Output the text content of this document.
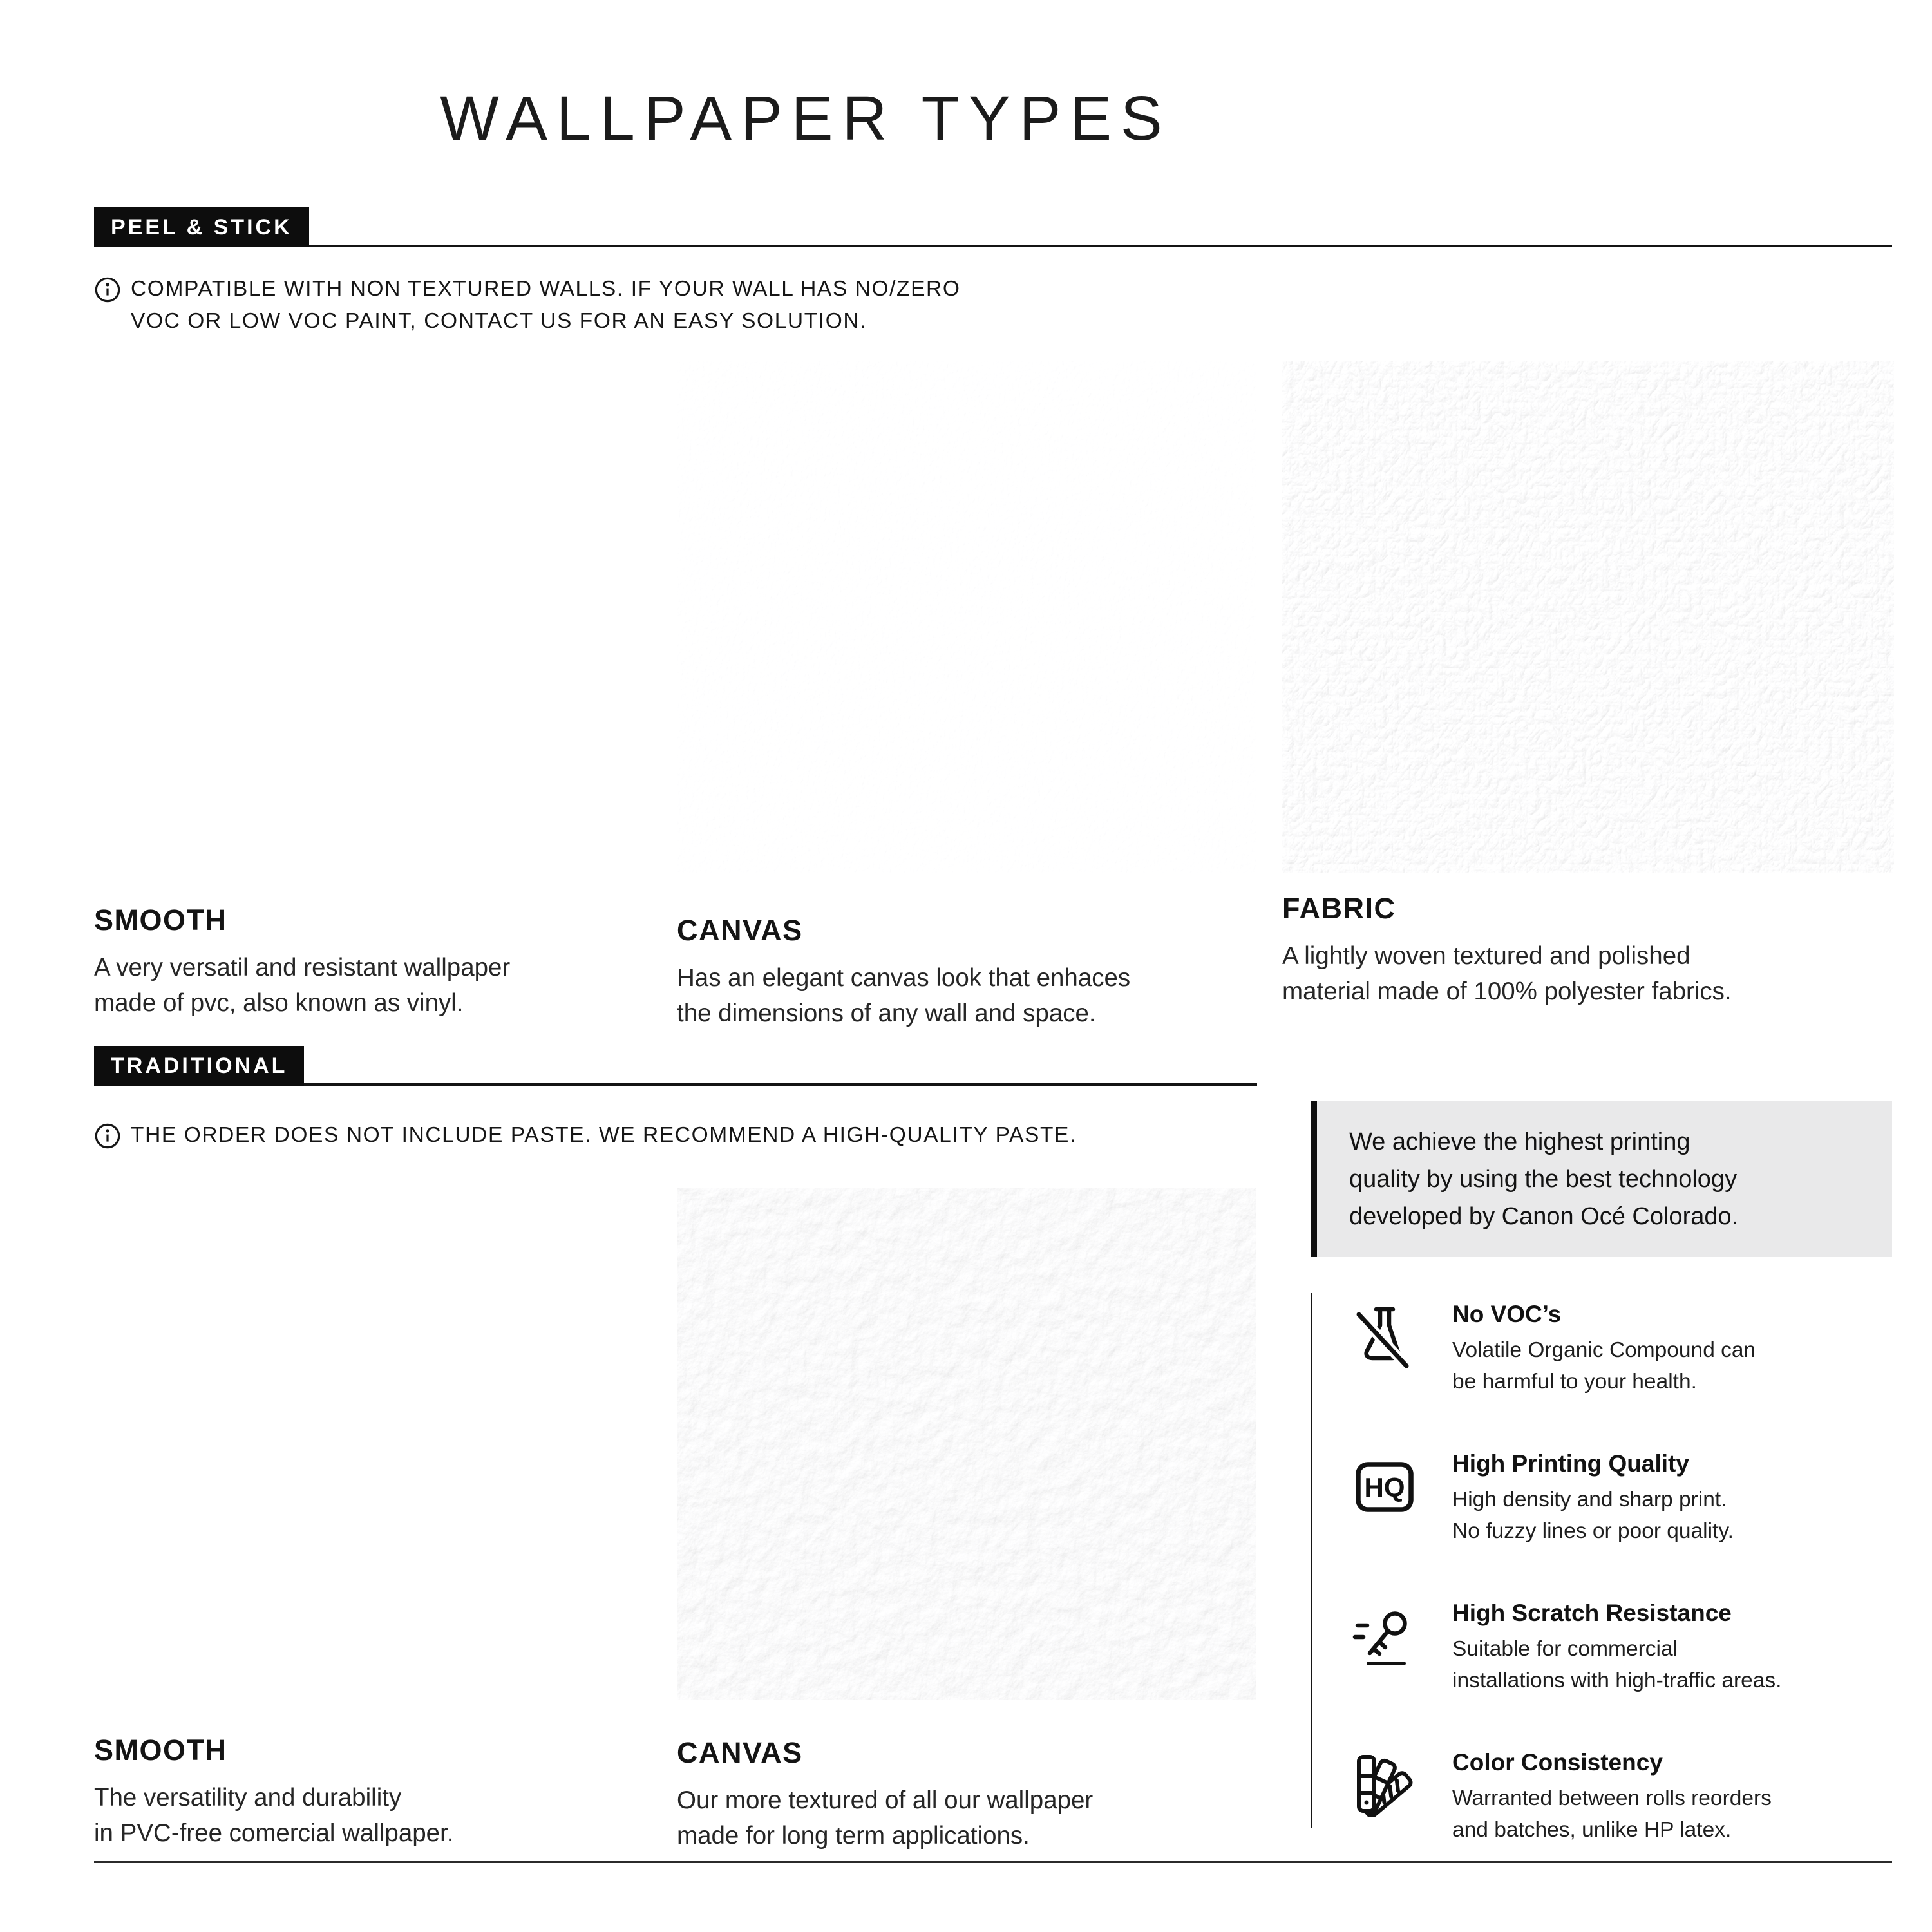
WALLPAPER TYPES
PEEL & STICK
COMPATIBLE WITH NON TEXTURED WALLS. IF YOUR WALL HAS NO/ZERO
VOC OR LOW VOC PAINT, CONTACT US FOR AN EASY SOLUTION.
SMOOTH
A very versatil and resistant wallpaper
made of pvc, also known as vinyl.
CANVAS
Has an elegant canvas look that enhaces
the dimensions of any wall and space.
FABRIC
A lightly woven textured and polished
material made of 100% polyester fabrics.
TRADITIONAL
THE ORDER DOES NOT INCLUDE PASTE. WE RECOMMEND A HIGH-QUALITY PASTE.
SMOOTH
The versatility and durability
in PVC-free comercial wallpaper.
CANVAS
Our more textured of all our wallpaper
made for long term applications.
We achieve the highest printing
quality by using the best technology
developed by Canon Océ Colorado.
No VOC’s
Volatile Organic Compound can
be harmful to your health.
HQ
High Printing Quality
High density and sharp print.
No fuzzy lines or poor quality.
High Scratch Resistance
Suitable for commercial
installations with high-traffic areas.
Color Consistency
Warranted between rolls reorders
and batches, unlike HP latex.
